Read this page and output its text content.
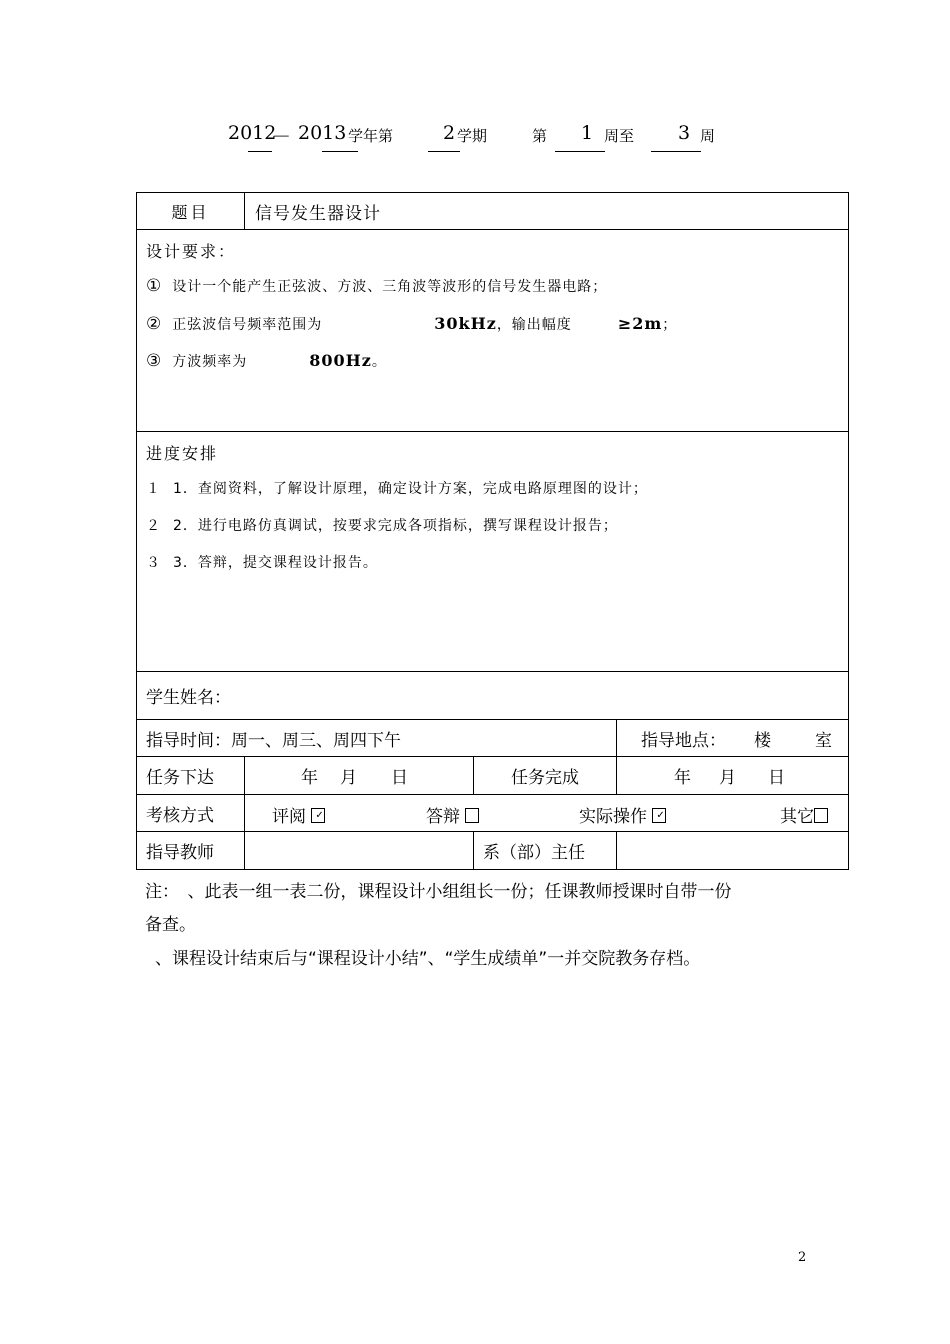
2012
－ 2013 学年第	2 学期	第 1 周至 3 周
题目	信号发生器设计		

设计要求：
① 设计一个能产生正弦波、方波、三角波等波形的信号发生器电路；
② 正弦波信号频率范围为 30kHz，输出幅度 ≥2m；
③ 方波频率为 800Hz。			

进度安排
１ 1．查阅资料，了解设计原理，确定设计方案，完成电路原理图的设计；
２ 2．进行电路仿真调试，按要求完成各项指标，撰写课程设计报告；
３ 3．答辩，提交课程设计报告。			

学生姓名：			
指导时间：周一、周三、周四下午			指导地点： 楼 室
任务下达	年 月 日	任务完成	年 月 日
考核方式	评阅 ✓ 答辩 实际操作 ✓ 其它

指导教师		系（部）主任	
注：　、此表一组一表二份，课程设计小组组长一份；任课教师授课时自带一份
备查。
、课程设计结束后与“课程设计小结”、“学生成绩单”一并交院教务存档。
2
